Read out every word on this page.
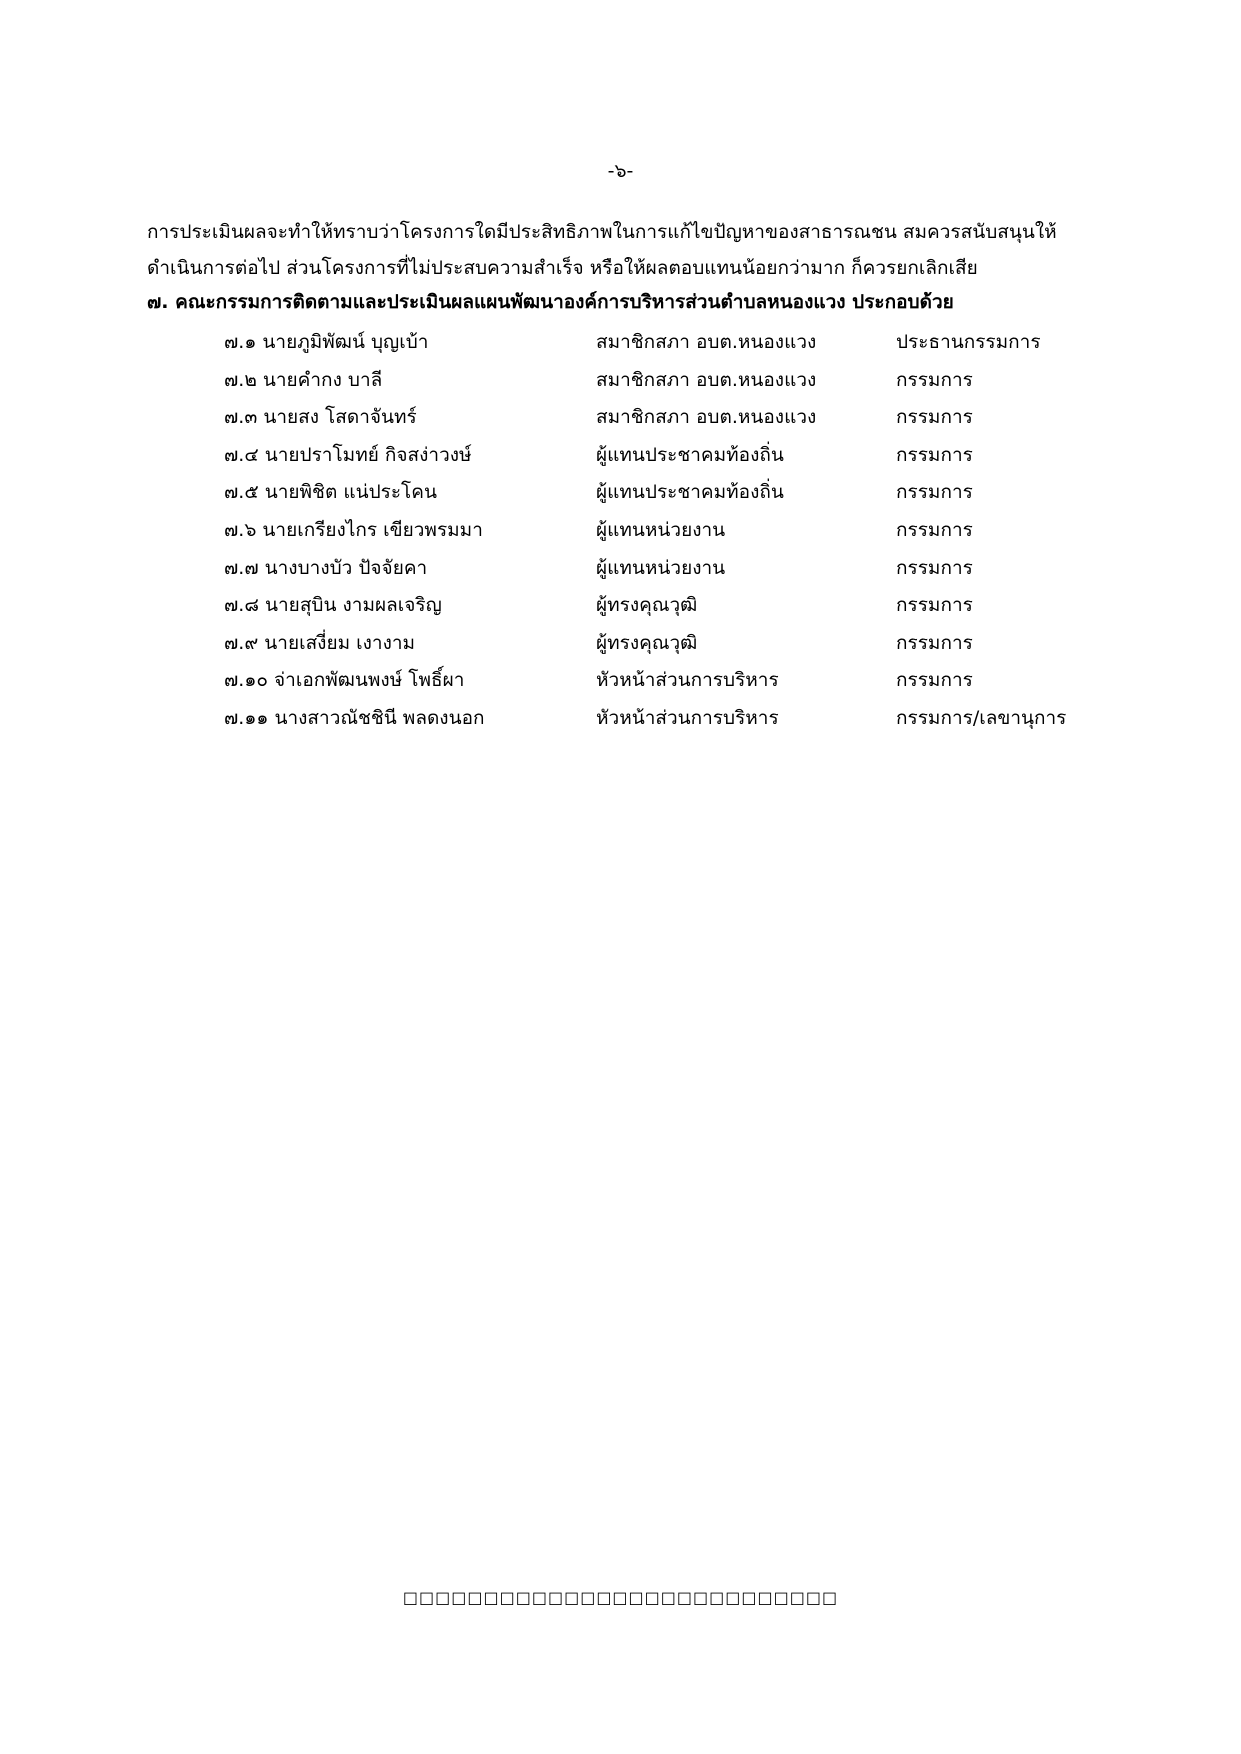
-๖-
การประเมินผลจะทำให้ทราบว่าโครงการใดมีประสิทธิภาพในการแก้ไขปัญหาของสาธารณชน สมควรสนับสนุนให้
ดำเนินการต่อไป ส่วนโครงการที่ไม่ประสบความสำเร็จ หรือให้ผลตอบแทนน้อยกว่ามาก ก็ควรยกเลิกเสีย
๗. คณะกรรมการติดตามและประเมินผลแผนพัฒนาองค์การบริหารส่วนตำบลหนองแวง ประกอบด้วย
๗.๑ นายภูมิพัฒน์ บุญเบ้า	สมาชิกสภา อบต.หนองแวง	ประธานกรรมการ
๗.๒ นายคำกง บาลี	สมาชิกสภา อบต.หนองแวง	กรรมการ
๗.๓ นายสง โสดาจันทร์	สมาชิกสภา อบต.หนองแวง	กรรมการ
๗.๔ นายปราโมทย์ กิจสง่าวงษ์	ผู้แทนประชาคมท้องถิ่น	กรรมการ
๗.๕ นายพิชิต แน่ประโคน	ผู้แทนประชาคมท้องถิ่น	กรรมการ
๗.๖ นายเกรียงไกร เขียวพรมมา	ผู้แทนหน่วยงาน	กรรมการ
๗.๗ นางบางบัว ปัจจัยคา	ผู้แทนหน่วยงาน	กรรมการ
๗.๘ นายสุบิน งามผลเจริญ	ผู้ทรงคุณวุฒิ	กรรมการ
๗.๙ นายเสงี่ยม เงางาม	ผู้ทรงคุณวุฒิ	กรรมการ
๗.๑๐ จ่าเอกพัฒนพงษ์ โพธิ์ผา	หัวหน้าส่วนการบริหาร	กรรมการ
๗.๑๑ นางสาวณัชชินี พลดงนอก	หัวหน้าส่วนการบริหาร	กรรมการ/เลขานุการ
□□□□□□□□□□□□□□□□□□□□□□□□□□□
